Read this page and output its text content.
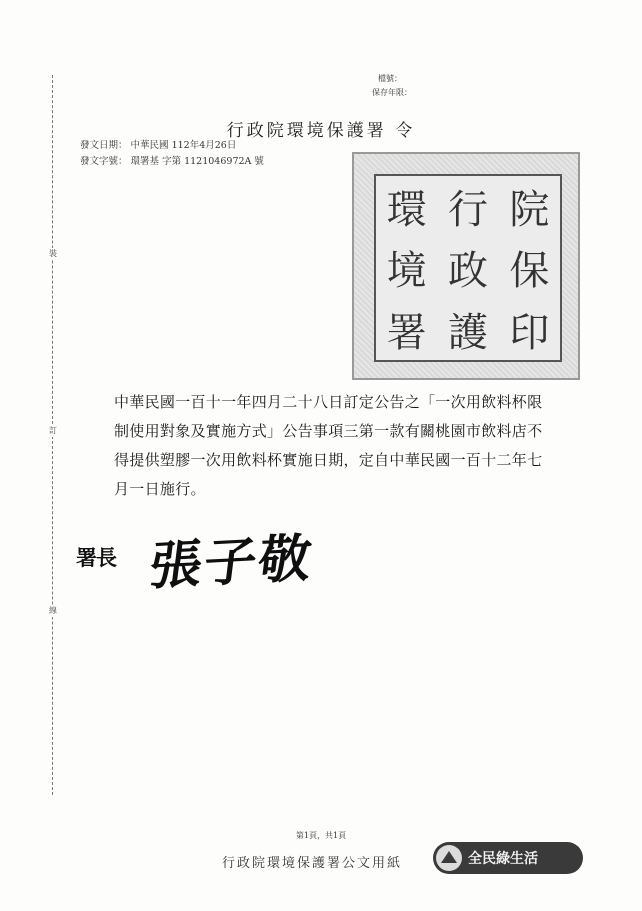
裝
訂
線
檔號：
保存年限：
行政院環境保護署 令
發文日期： 中華民國 112年4月26日
發文字號： 環署基 字第 1121046972A 號
環 行 院
境 政 保
署 護 印
中華民國一百十一年四月二十八日訂定公告之「一次用飲料杯限
制使用對象及實施方式」公告事項三第一款有關桃園市飲料店不
得提供塑膠一次用飲料杯實施日期，定自中華民國一百十二年七
月一日施行。
署長 張子敬
第1頁，共1頁
行政院環境保護署公文用紙	全民綠生活
